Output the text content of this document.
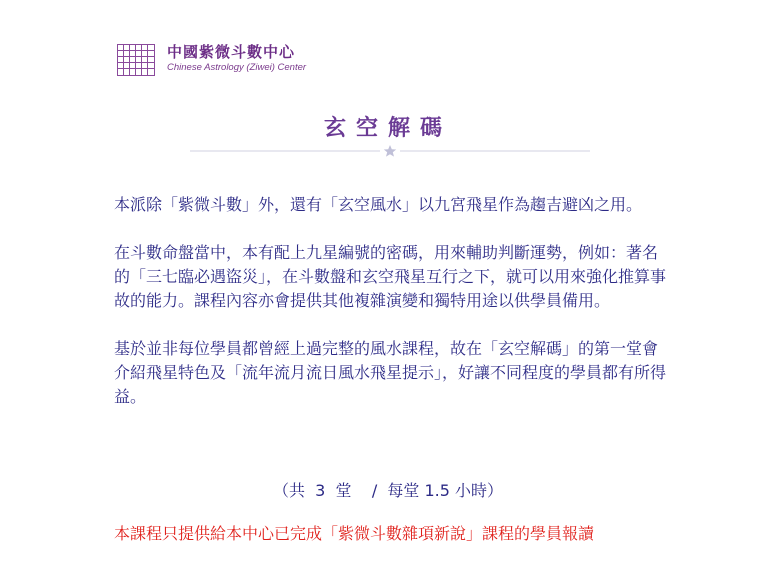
中國紫微斗數中心
Chinese Astrology (Ziwei) Center
玄空解碼

本派除「紫微斗數」外，還有「玄空風水」以九宮飛星作為趨吉避凶之用。

在斗數命盤當中，本有配上九星編號的密碼，用來輔助判斷運勢，例如：著名的「三七臨必遇盜災」，在斗數盤和玄空飛星互行之下，就可以用來強化推算事故的能力。課程內容亦會提供其他複雜演變和獨特用途以供學員備用。

基於並非每位學員都曾經上過完整的風水課程，故在「玄空解碼」的第一堂會介紹飛星特色及「流年流月流日風水飛星提示」，好讓不同程度的學員都有所得益。

（共  3  堂    /  每堂 1.5 小時）
本課程只提供給本中心已完成「紫微斗數雜項新說」課程的學員報讀
